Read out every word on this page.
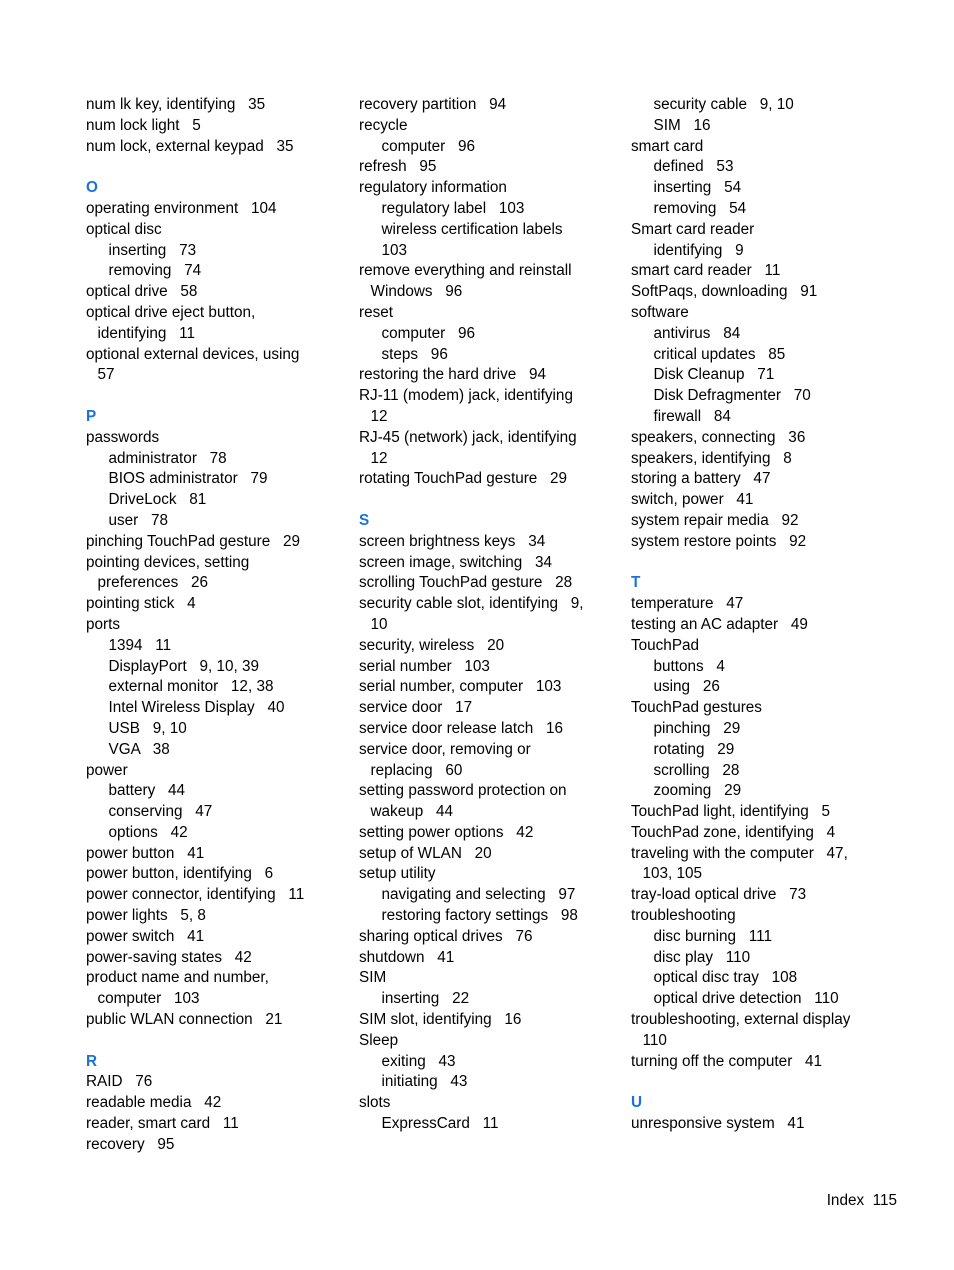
num lk key, identifying   35
num lock light   5
num lock, external keypad   35
O
operating environment   104
optical disc
inserting   73
removing   74
optical drive   58
optical drive eject button,
identifying   11
optional external devices, using
57
P
passwords
administrator   78
BIOS administrator   79
DriveLock   81
user   78
pinching TouchPad gesture   29
pointing devices, setting
preferences   26
pointing stick   4
ports
1394   11
DisplayPort   9, 10, 39
external monitor   12, 38
Intel Wireless Display   40
USB   9, 10
VGA   38
power
battery   44
conserving   47
options   42
power button   41
power button, identifying   6
power connector, identifying   11
power lights   5, 8
power switch   41
power-saving states   42
product name and number,
computer   103
public WLAN connection   21
R
RAID   76
readable media   42
reader, smart card   11
recovery   95
recovery partition   94
recycle
computer   96
refresh   95
regulatory information
regulatory label   103
wireless certification labels
103
remove everything and reinstall
Windows   96
reset
computer   96
steps   96
restoring the hard drive   94
RJ-11 (modem) jack, identifying
12
RJ-45 (network) jack, identifying
12
rotating TouchPad gesture   29
S
screen brightness keys   34
screen image, switching   34
scrolling TouchPad gesture   28
security cable slot, identifying   9,
10
security, wireless   20
serial number   103
serial number, computer   103
service door   17
service door release latch   16
service door, removing or
replacing   60
setting password protection on
wakeup   44
setting power options   42
setup of WLAN   20
setup utility
navigating and selecting   97
restoring factory settings   98
sharing optical drives   76
shutdown   41
SIM
inserting   22
SIM slot, identifying   16
Sleep
exiting   43
initiating   43
slots
ExpressCard   11
security cable   9, 10
SIM   16
smart card
defined   53
inserting   54
removing   54
Smart card reader
identifying   9
smart card reader   11
SoftPaqs, downloading   91
software
antivirus   84
critical updates   85
Disk Cleanup   71
Disk Defragmenter   70
firewall   84
speakers, connecting   36
speakers, identifying   8
storing a battery   47
switch, power   41
system repair media   92
system restore points   92
T
temperature   47
testing an AC adapter   49
TouchPad
buttons   4
using   26
TouchPad gestures
pinching   29
rotating   29
scrolling   28
zooming   29
TouchPad light, identifying   5
TouchPad zone, identifying   4
traveling with the computer   47,
103, 105
tray-load optical drive   73
troubleshooting
disc burning   111
disc play   110
optical disc tray   108
optical drive detection   110
troubleshooting, external display
110
turning off the computer   41
U
unresponsive system   41
Index 115
